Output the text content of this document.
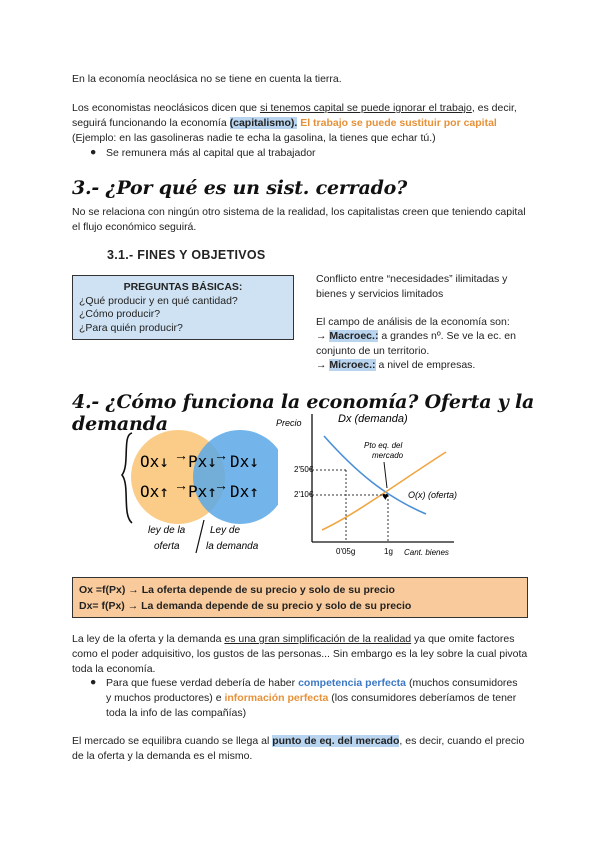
En la economía neoclásica no se tiene en cuenta la tierra.

Los economistas neoclásicos dicen que si tenemos capital se puede ignorar el trabajo, es decir, seguirá funcionando la economía (capitalismo). El trabajo se puede sustituir por capital (Ejemplo: en las gasolineras nadie te echa la gasolina, la tienes que echar tú.)

● Se remunera más al capital que al trabajador

3.- ¿Por qué es un sist. cerrado?

No se relaciona con ningún otro sistema de la realidad, los capitalistas creen que teniendo capital el flujo económico seguirá.

3.1.- FINES Y OBJETIVOS
PREGUNTAS BÁSICAS:
¿Qué producir y en qué cantidad?
¿Cómo producir?
¿Para quién producir?

Conflicto entre “necesidades” ilimitadas y bienes y servicios limitados

El campo de análisis de la economía son:

→ Macroec.: a grandes nº. Se ve la ec. en conjunto de un territorio.

→ Microec.: a nivel de empresas.

4.- ¿Cómo funciona la economía? Oferta y la demanda
Ox↓ → Px↓
→ Dx↓
Ox↑ → Px↑
→ Dx↑
ley de la
oferta
Ley de
la demanda
Precio
2'50€
2'10€
0'05g	1g Cant. bienes
Dx (demanda)
O(x) (oferta)
Pto eq. del
mercado
♥
Ox =f(Px) → La oferta depende de su precio y solo de su precio
Dx= f(Px) → La demanda depende de su precio y solo de su precio

La ley de la oferta y la demanda es una gran simplificación de la realidad ya que omite factores como el poder adquisitivo, los gustos de las personas... Sin embargo es la ley sobre la cual pivota toda la economía.

● Para que fuese verdad debería de haber competencia perfecta (muchos consumidores y muchos productores) e información perfecta (los consumidores deberíamos de tener toda la info de las compañías)

El mercado se equilibra cuando se llega al punto de eq. del mercado, es decir, cuando el precio de la oferta y la demanda es el mismo.
